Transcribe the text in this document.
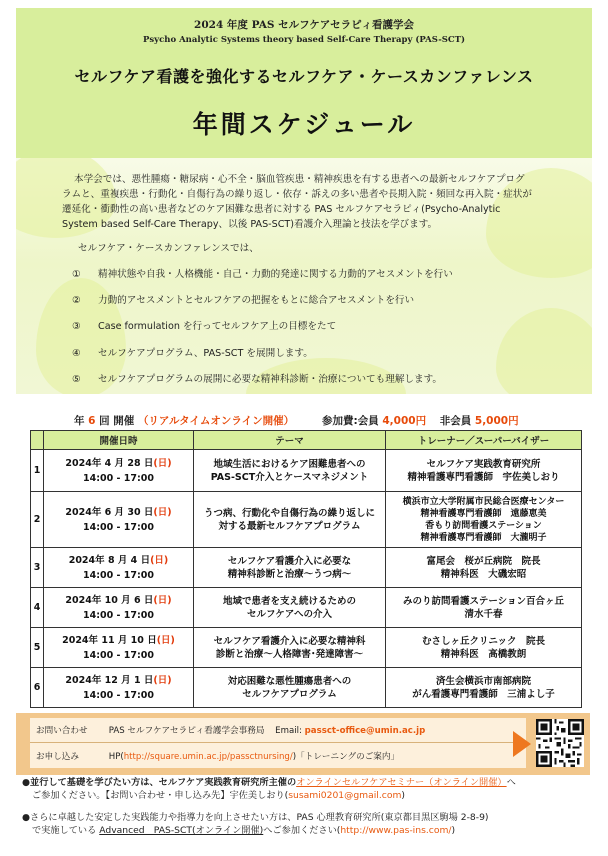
2024 年度 PAS セルフケアセラピィ看護学会
Psycho Analytic Systems theory based Self-Care Therapy (PAS-SCT)
セルフケア看護を強化するセルフケア・ケースカンファレンス
年間スケジュール
本学会では、悪性腫瘍・糖尿病・心不全・脳血管疾患・精神疾患を有する患者への最新セルフケアプログ
ラムと、重複疾患・行動化・自傷行為の繰り返し・依存・訴えの多い患者や長期入院・頻回な再入院・症状が
遷延化・衝動性の高い患者などのケア困難な患者に対する PAS セルフケアセラピィ(Psycho-Analytic
System based Self-Care Therapy、以後 PAS-SCT)看護介入理論と技法を学びます。
セルフケア・ケースカンファレンスでは、
① 精神状態や自我・人格機能・自己・力動的発達に関する力動的アセスメントを行い
② 力動的アセスメントとセルフケアの把握をもとに総合アセスメントを行い
③ Case formulation を行ってセルフケア上の目標をたて
④ セルフケアプログラム、PAS-SCT を展開します。
⑤ セルフケアプログラムの展開に必要な精神科診断・治療についても理解します。
年 6 回 開催 （リアルタイムオンライン開催）	参加費:会員 4,000円 非会員 5,000円
	開催日時	テーマ	トレーナー／スーパーバイザー
1	2024年 4 月 28 日(日)
14:00 - 17:00	地域生活におけるケア困難患者への
PAS-SCT介入とケースマネジメント	セルフケア実践教育研究所
精神看護専門看護師　宇佐美しおり
2	2024年 6 月 30 日(日)
14:00 - 17:00	うつ病、行動化や自傷行為の繰り返しに
対する最新セルフケアプログラム	横浜市立大学附属市民総合医療センター
精神看護専門看護師　遠藤恵美
香もり訪問看護ステーション
精神看護専門看護師　大瀧明子
3	2024年 8 月 4 日(日)
14:00 - 17:00	セルフケア看護介入に必要な
精神科診断と治療～うつ病～	富尾会　桜が丘病院　院長
精神科医　大磯宏昭
4	2024年 10 月 6 日(日)
14:00 - 17:00	地域で患者を支え続けるための
セルフケアへの介入	みのり訪問看護ステーション百合ヶ丘
清水千春
5	2024年 11 月 10 日(日)
14:00 - 17:00	セルフケア看護介入に必要な精神科
診断と治療～人格障害･発達障害～	むさしヶ丘クリニック　院長
精神科医　高橋教朗
6	2024年 12 月 1 日(日)
14:00 - 17:00	対応困難な悪性腫瘍患者への
セルフケアプログラム	済生会横浜市南部病院
がん看護専門看護師　三浦よし子
お問い合わせ PAS セルフケアセラピィ看護学会事務局 Email: passct-office@umin.ac.jp
お申し込み	HP(http://square.umin.ac.jp/passctnursing/)「トレーニングのご案内」
●並行して基礎を学びたい方は、セルフケア実践教育研究所主催のオンラインセルフケアセミナー（オンライン開催）へ
ご参加ください。【お問い合わせ・申し込み先】宇佐美しおり(susami0201@gmail.com)
●さらに卓越した安定した実践能力や指導力を向上させたい方は、PAS 心理教育研究所(東京都目黒区駒場 2-8-9)
で実施している Advanced　PAS-SCT(オンライン開催)へご参加ください(http://www.pas-ins.com/)
